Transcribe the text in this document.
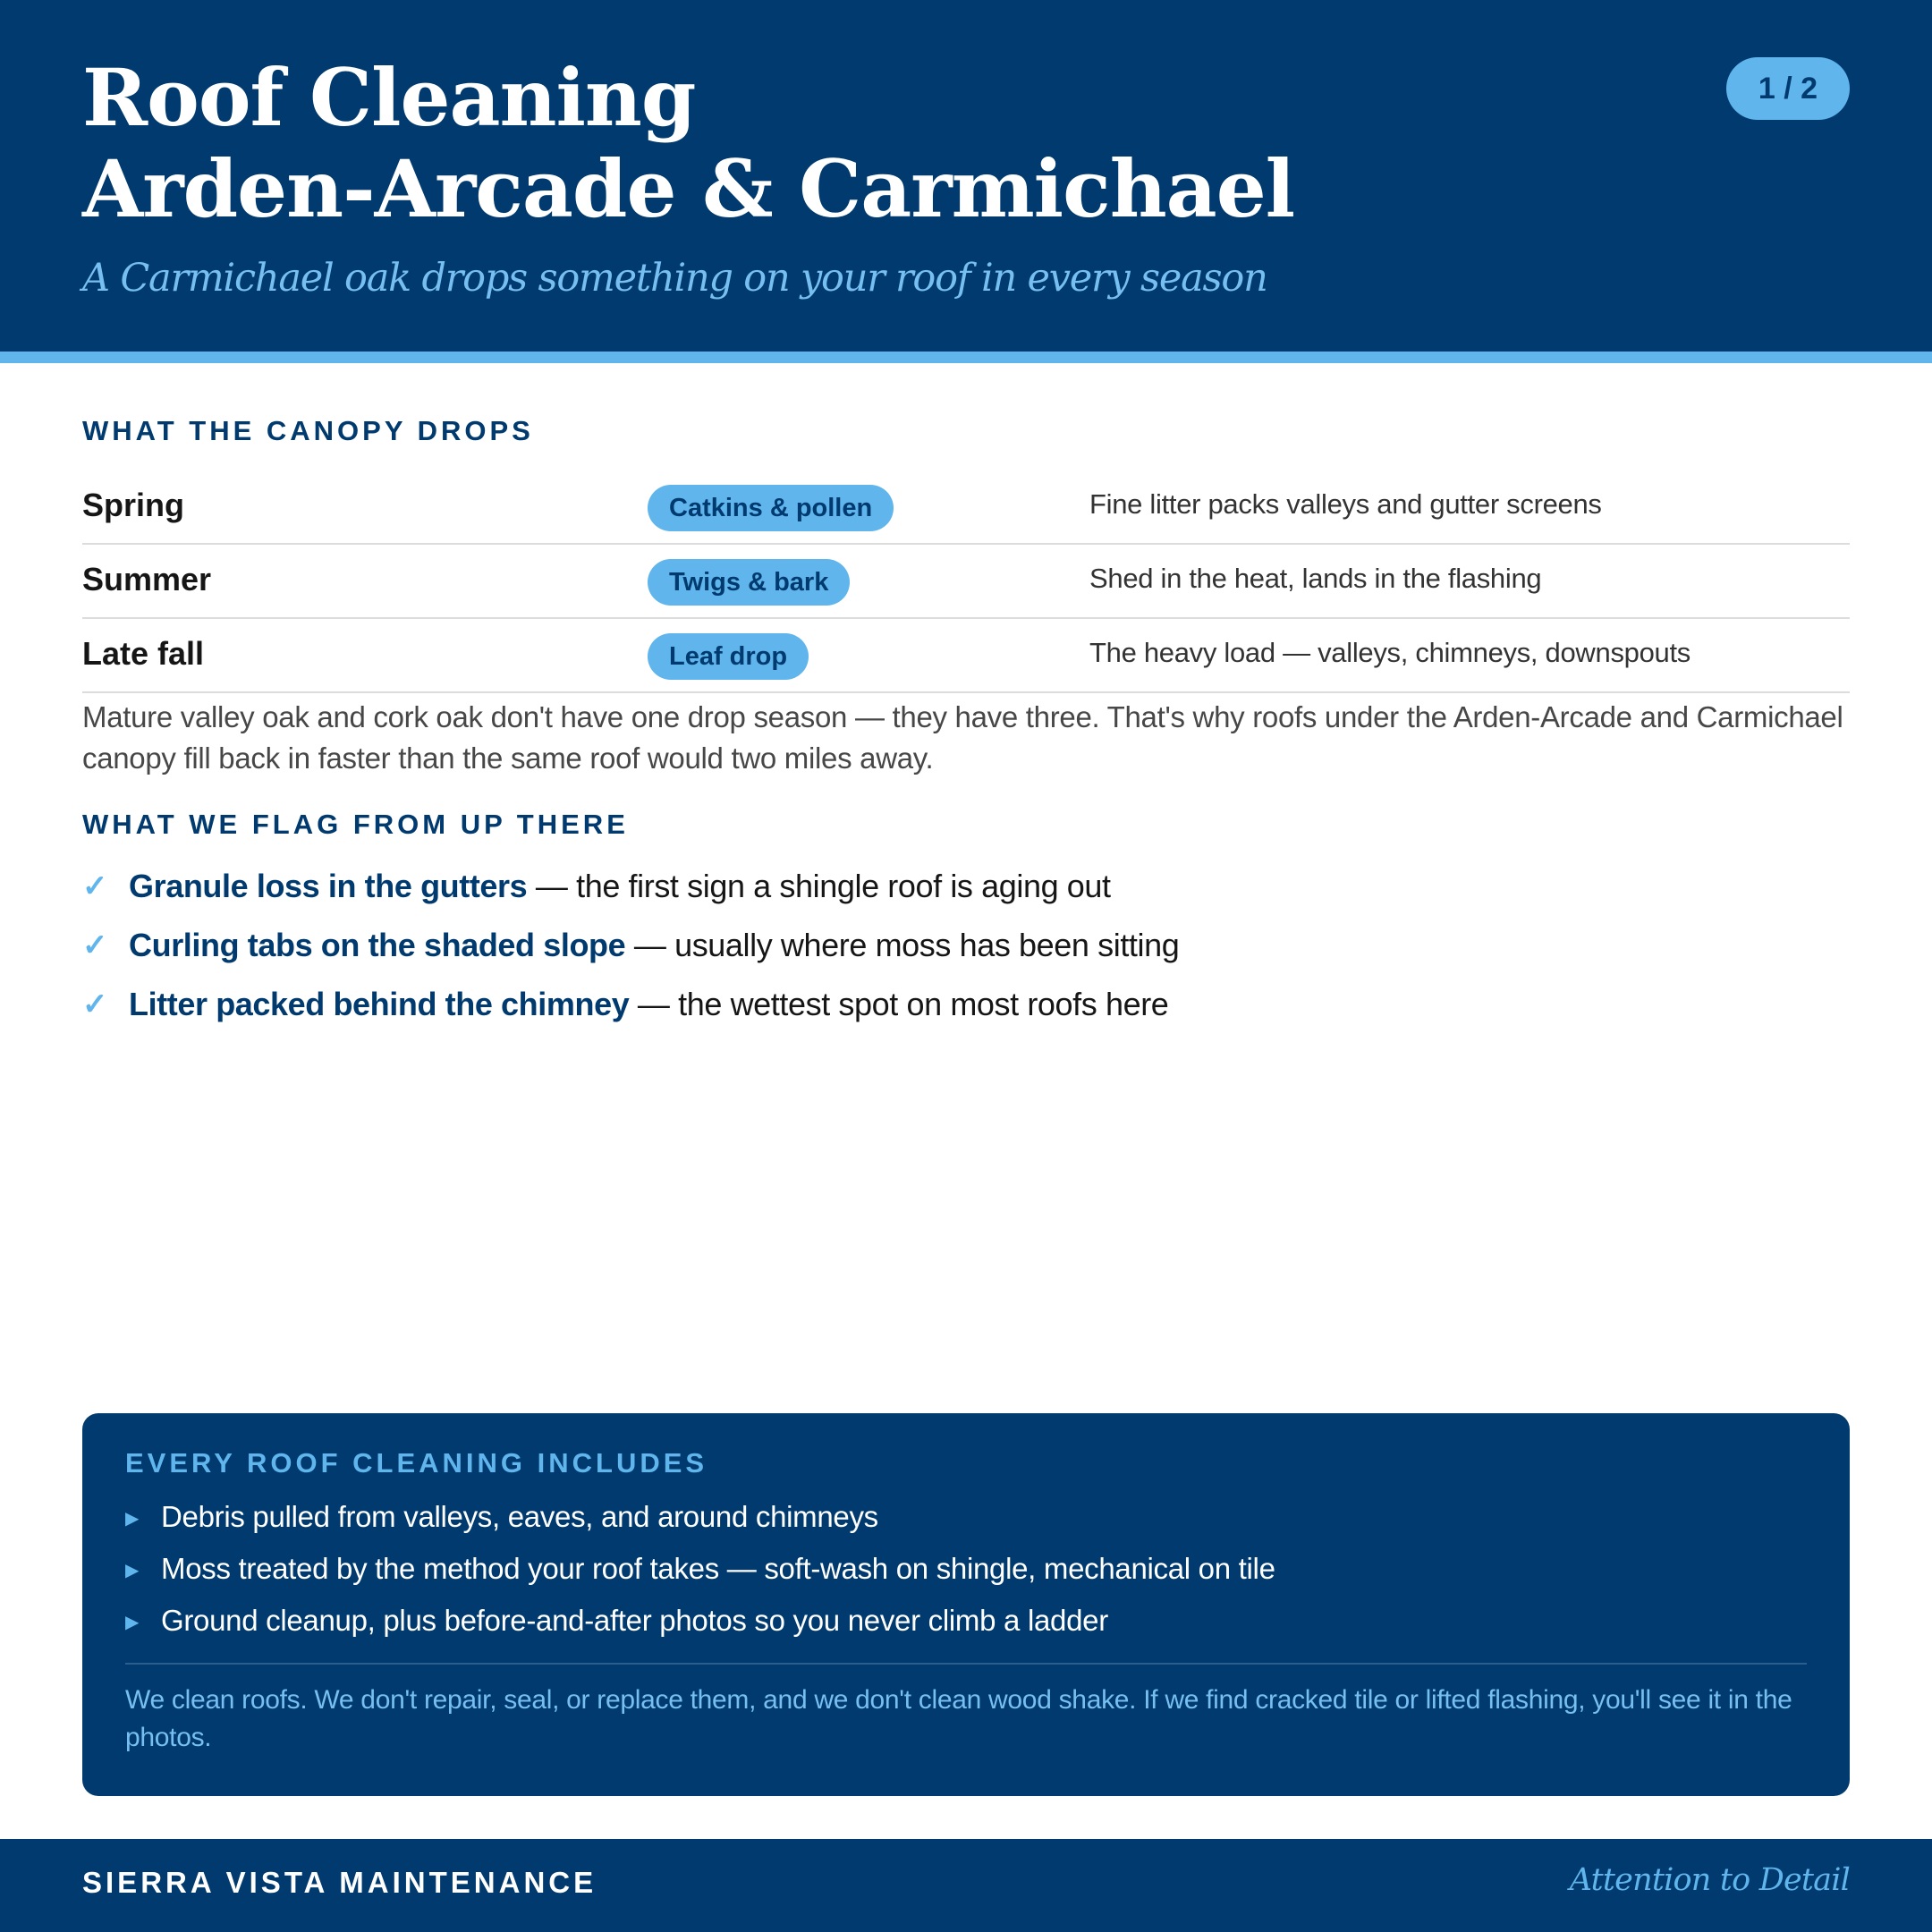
Roof Cleaning
Arden-Arcade & Carmichael

A Carmichael oak drops something on your roof in every season

1 / 2
WHAT THE CANOPY DROPS
Spring	Catkins & pollen	Fine litter packs valleys and gutter screens
Summer	Twigs & bark	Shed in the heat, lands in the flashing
Late fall	Leaf drop	The heavy load — valleys, chimneys, downspouts

Mature valley oak and cork oak don't have one drop season — they have three. That's why roofs under the Arden-Arcade and Carmichael canopy fill back in faster than the same roof would two miles away.

WHAT WE FLAG FROM UP THERE
✓ Granule loss in the gutters — the first sign a shingle roof is aging out
✓ Curling tabs on the shaded slope — usually where moss has been sitting
✓ Litter packed behind the chimney — the wettest spot on most roofs here
EVERY ROOF CLEANING INCLUDES
▶ Debris pulled from valleys, eaves, and around chimneys
▶ Moss treated by the method your roof takes — soft-wash on shingle, mechanical on tile
▶ Ground cleanup, plus before-and-after photos so you never climb a ladder

We clean roofs. We don't repair, seal, or replace them, and we don't clean wood shake. If we find cracked tile or lifted flashing, you'll see it in the photos.

SIERRA VISTA MAINTENANCE	Attention to Detail
